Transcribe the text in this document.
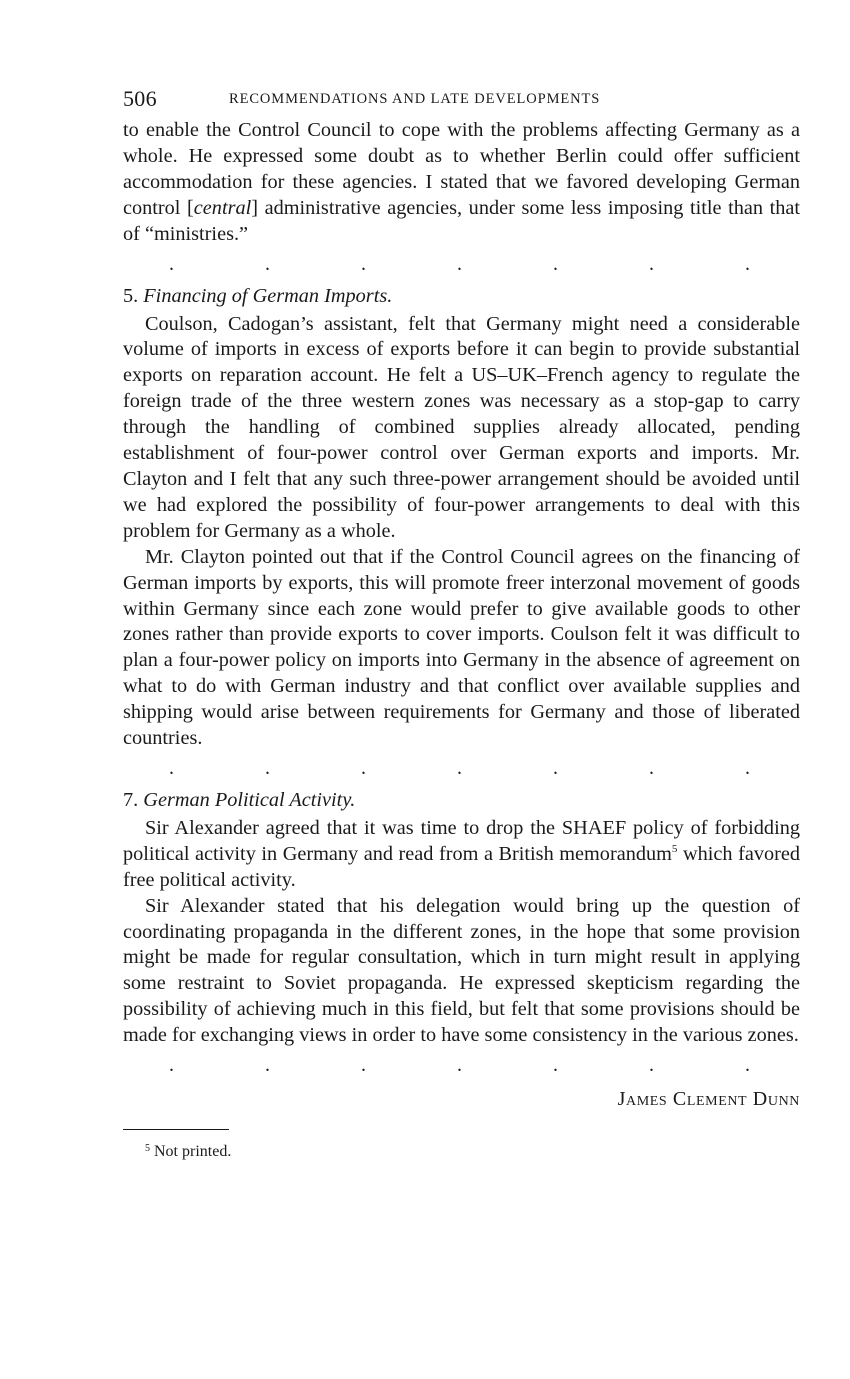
506	RECOMMENDATIONS AND LATE DEVELOPMENTS

to enable the Control Council to cope with the problems affecting Germany as a whole. He expressed some doubt as to whether Berlin could offer sufficient accommodation for these agencies. I stated that we favored developing German control [central] administrative agencies, under some less imposing title than that of “ministries.”

.	.	.	.	.	.	.

5. Financing of German Imports.

Coulson, Cadogan’s assistant, felt that Germany might need a considerable volume of imports in excess of exports before it can begin to provide substantial exports on reparation account. He felt a US–UK–French agency to regulate the foreign trade of the three western zones was necessary as a stop-gap to carry through the handling of combined supplies already allocated, pending establishment of four-power control over German exports and imports. Mr. Clayton and I felt that any such three-power arrangement should be avoided until we had explored the possibility of four-power arrangements to deal with this problem for Germany as a whole.

Mr. Clayton pointed out that if the Control Council agrees on the financing of German imports by exports, this will promote freer interzonal movement of goods within Germany since each zone would prefer to give available goods to other zones rather than provide exports to cover imports. Coulson felt it was difficult to plan a four-power policy on imports into Germany in the absence of agreement on what to do with German industry and that conflict over available supplies and shipping would arise between requirements for Germany and those of liberated countries.

.	.	.	.	.	.	.

7. German Political Activity.

Sir Alexander agreed that it was time to drop the SHAEF policy of forbidding political activity in Germany and read from a British memorandum$^5$ which favored free political activity.

Sir Alexander stated that his delegation would bring up the question of coordinating propaganda in the different zones, in the hope that some provision might be made for regular consultation, which in turn might result in applying some restraint to Soviet propaganda. He expressed skepticism regarding the possibility of achieving much in this field, but felt that some provisions should be made for exchanging views in order to have some consistency in the various zones.

.	.	.	.	.	.	.
James Clement Dunn
$^5$ Not printed.
